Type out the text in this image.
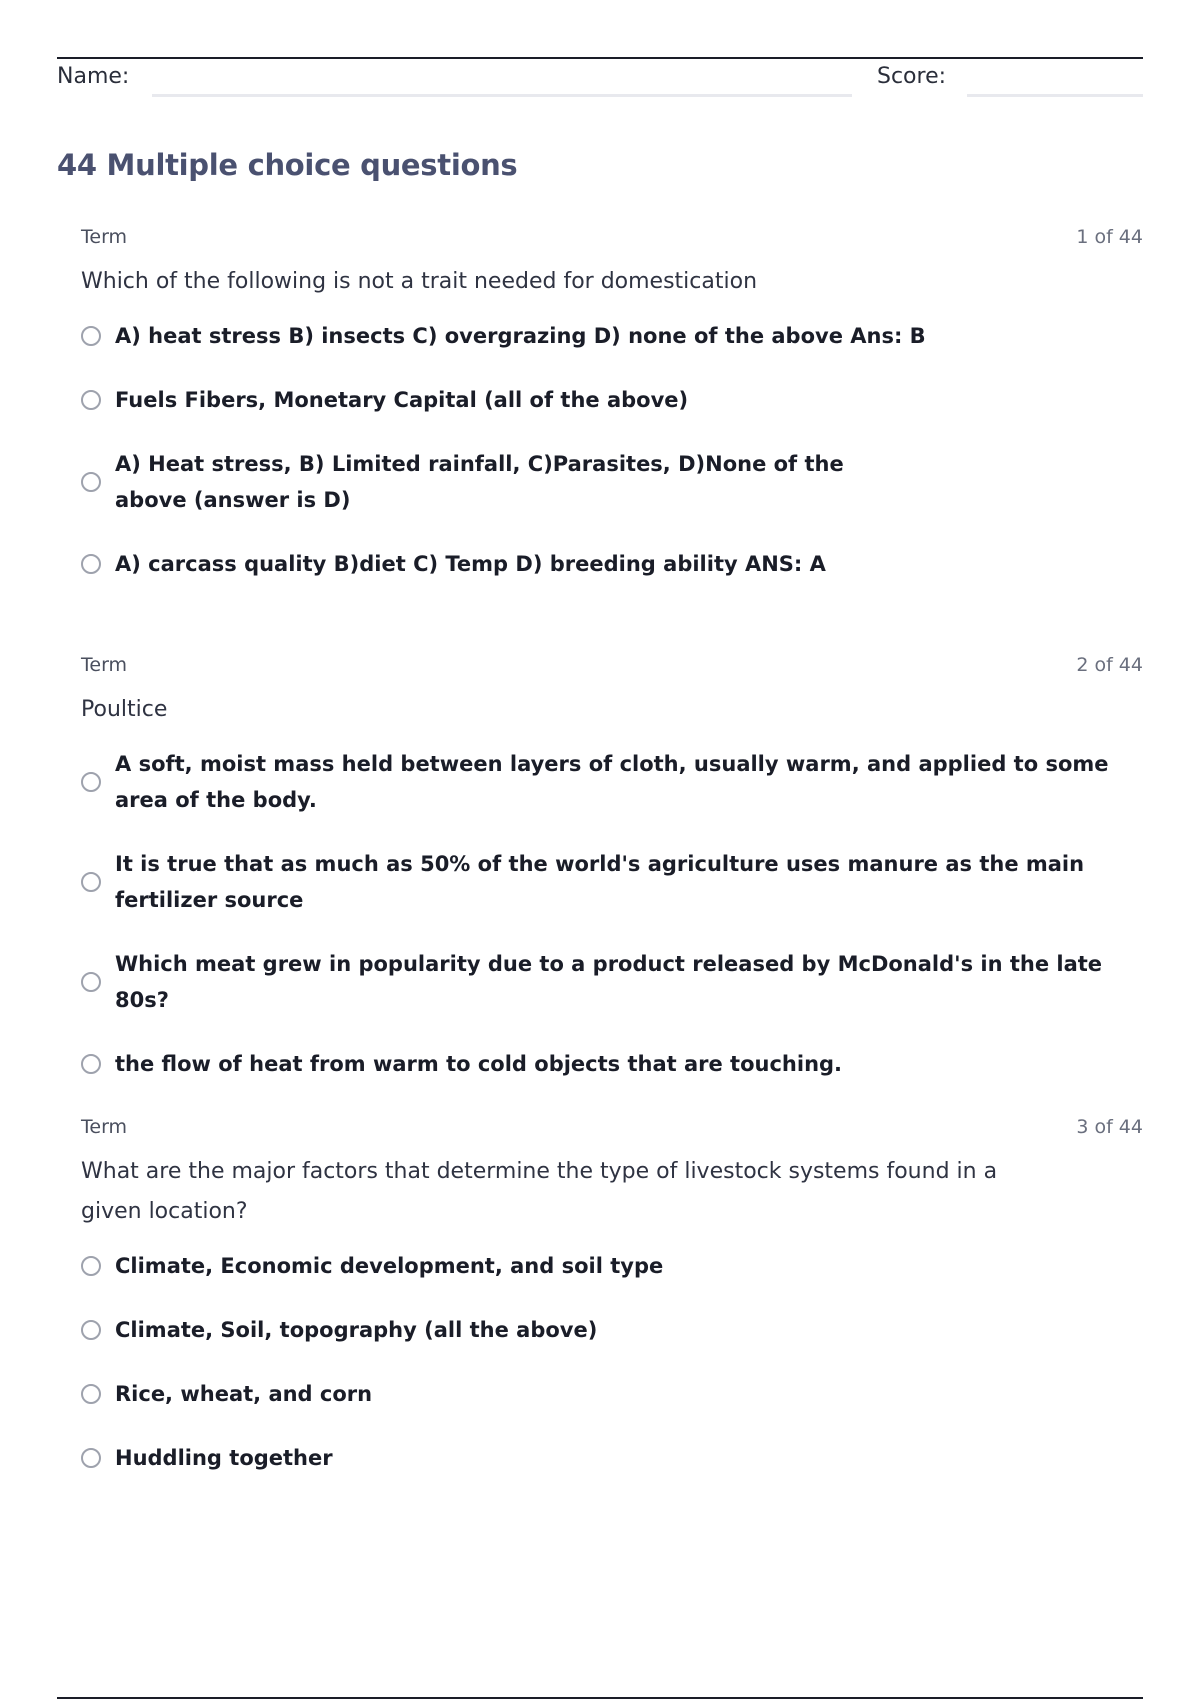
Name:	Score:
44 Multiple choice questions
Term	1 of 44
Which of the following is not a trait needed for domestication
A) heat stress B) insects C) overgrazing D) none of the above Ans: B
Fuels Fibers, Monetary Capital (all of the above)
A) Heat stress, B) Limited rainfall, C)Parasites, D)None of the above (answer is D)
A) carcass quality B)diet C) Temp D) breeding ability ANS: A
Term	2 of 44
Poultice
A soft, moist mass held between layers of cloth, usually warm, and applied to some area of the body.
It is true that as much as 50% of the world's agriculture uses manure as the main fertilizer source
Which meat grew in popularity due to a product released by McDonald's in the late 80s?
the flow of heat from warm to cold objects that are touching.
Term	3 of 44
What are the major factors that determine the type of livestock systems found in a given location?
Climate, Economic development, and soil type
Climate, Soil, topography (all the above)
Rice, wheat, and corn
Huddling together
